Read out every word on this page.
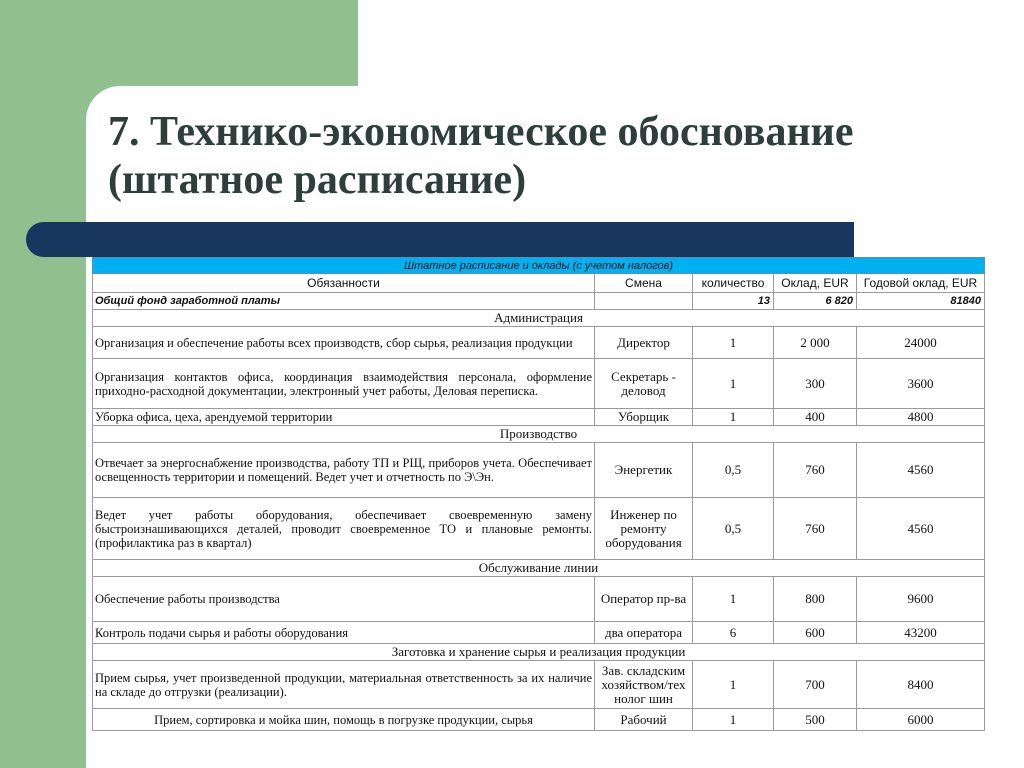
7. Технико-экономическое обоснование
(штатное расписание)
Штатное расписание и оклады (с учетом налогов)				
Обязанности	Смена	количество	Оклад, EUR	Годовой оклад, EUR
Общий фонд заработной платы		13	6 820	81840
Администрация				
Организация и обеспечение работы всех производств, сбор сырья, реализация продукции	Директор	1	2 000	24000
Организация контактов офиса, координация взаимодействия персонала, оформление приходно-расходной документации, электронный учет работы, Деловая переписка.	Секретарь - деловод	1	300	3600
Уборка офиса, цеха, арендуемой территории	Уборщик	1	400	4800
Производство				
Отвечает за энергоснабжение производства, работу ТП и РЩ, приборов учета. Обеспечивает освещенность территории и помещений. Ведет учет и отчетность по Э\Эн.	Энергетик	0,5	760	4560
Ведет учет работы оборудования, обеспечивает своевременную замену быстроизнашивающихся деталей, проводит своевременное ТО и плановые ремонты. (профилактика раз в квартал)	Инженер по ремонту оборудования	0,5	760	4560
Обслуживание линии				
Обеспечение работы производства	Оператор пр-ва	1	800	9600
Контроль подачи сырья и работы оборудования	два оператора	6	600	43200
Заготовка и хранение сырья и реализация продукции				
Прием сырья, учет произведенной продукции, материальная ответственность за их наличие на складе до отгрузки (реализации).	Зав. складским хозяйством/тех нолог шин	1	700	8400
Прием, сортировка и мойка шин, помощь в погрузке продукции, сырья	Рабочий	1	500	6000
